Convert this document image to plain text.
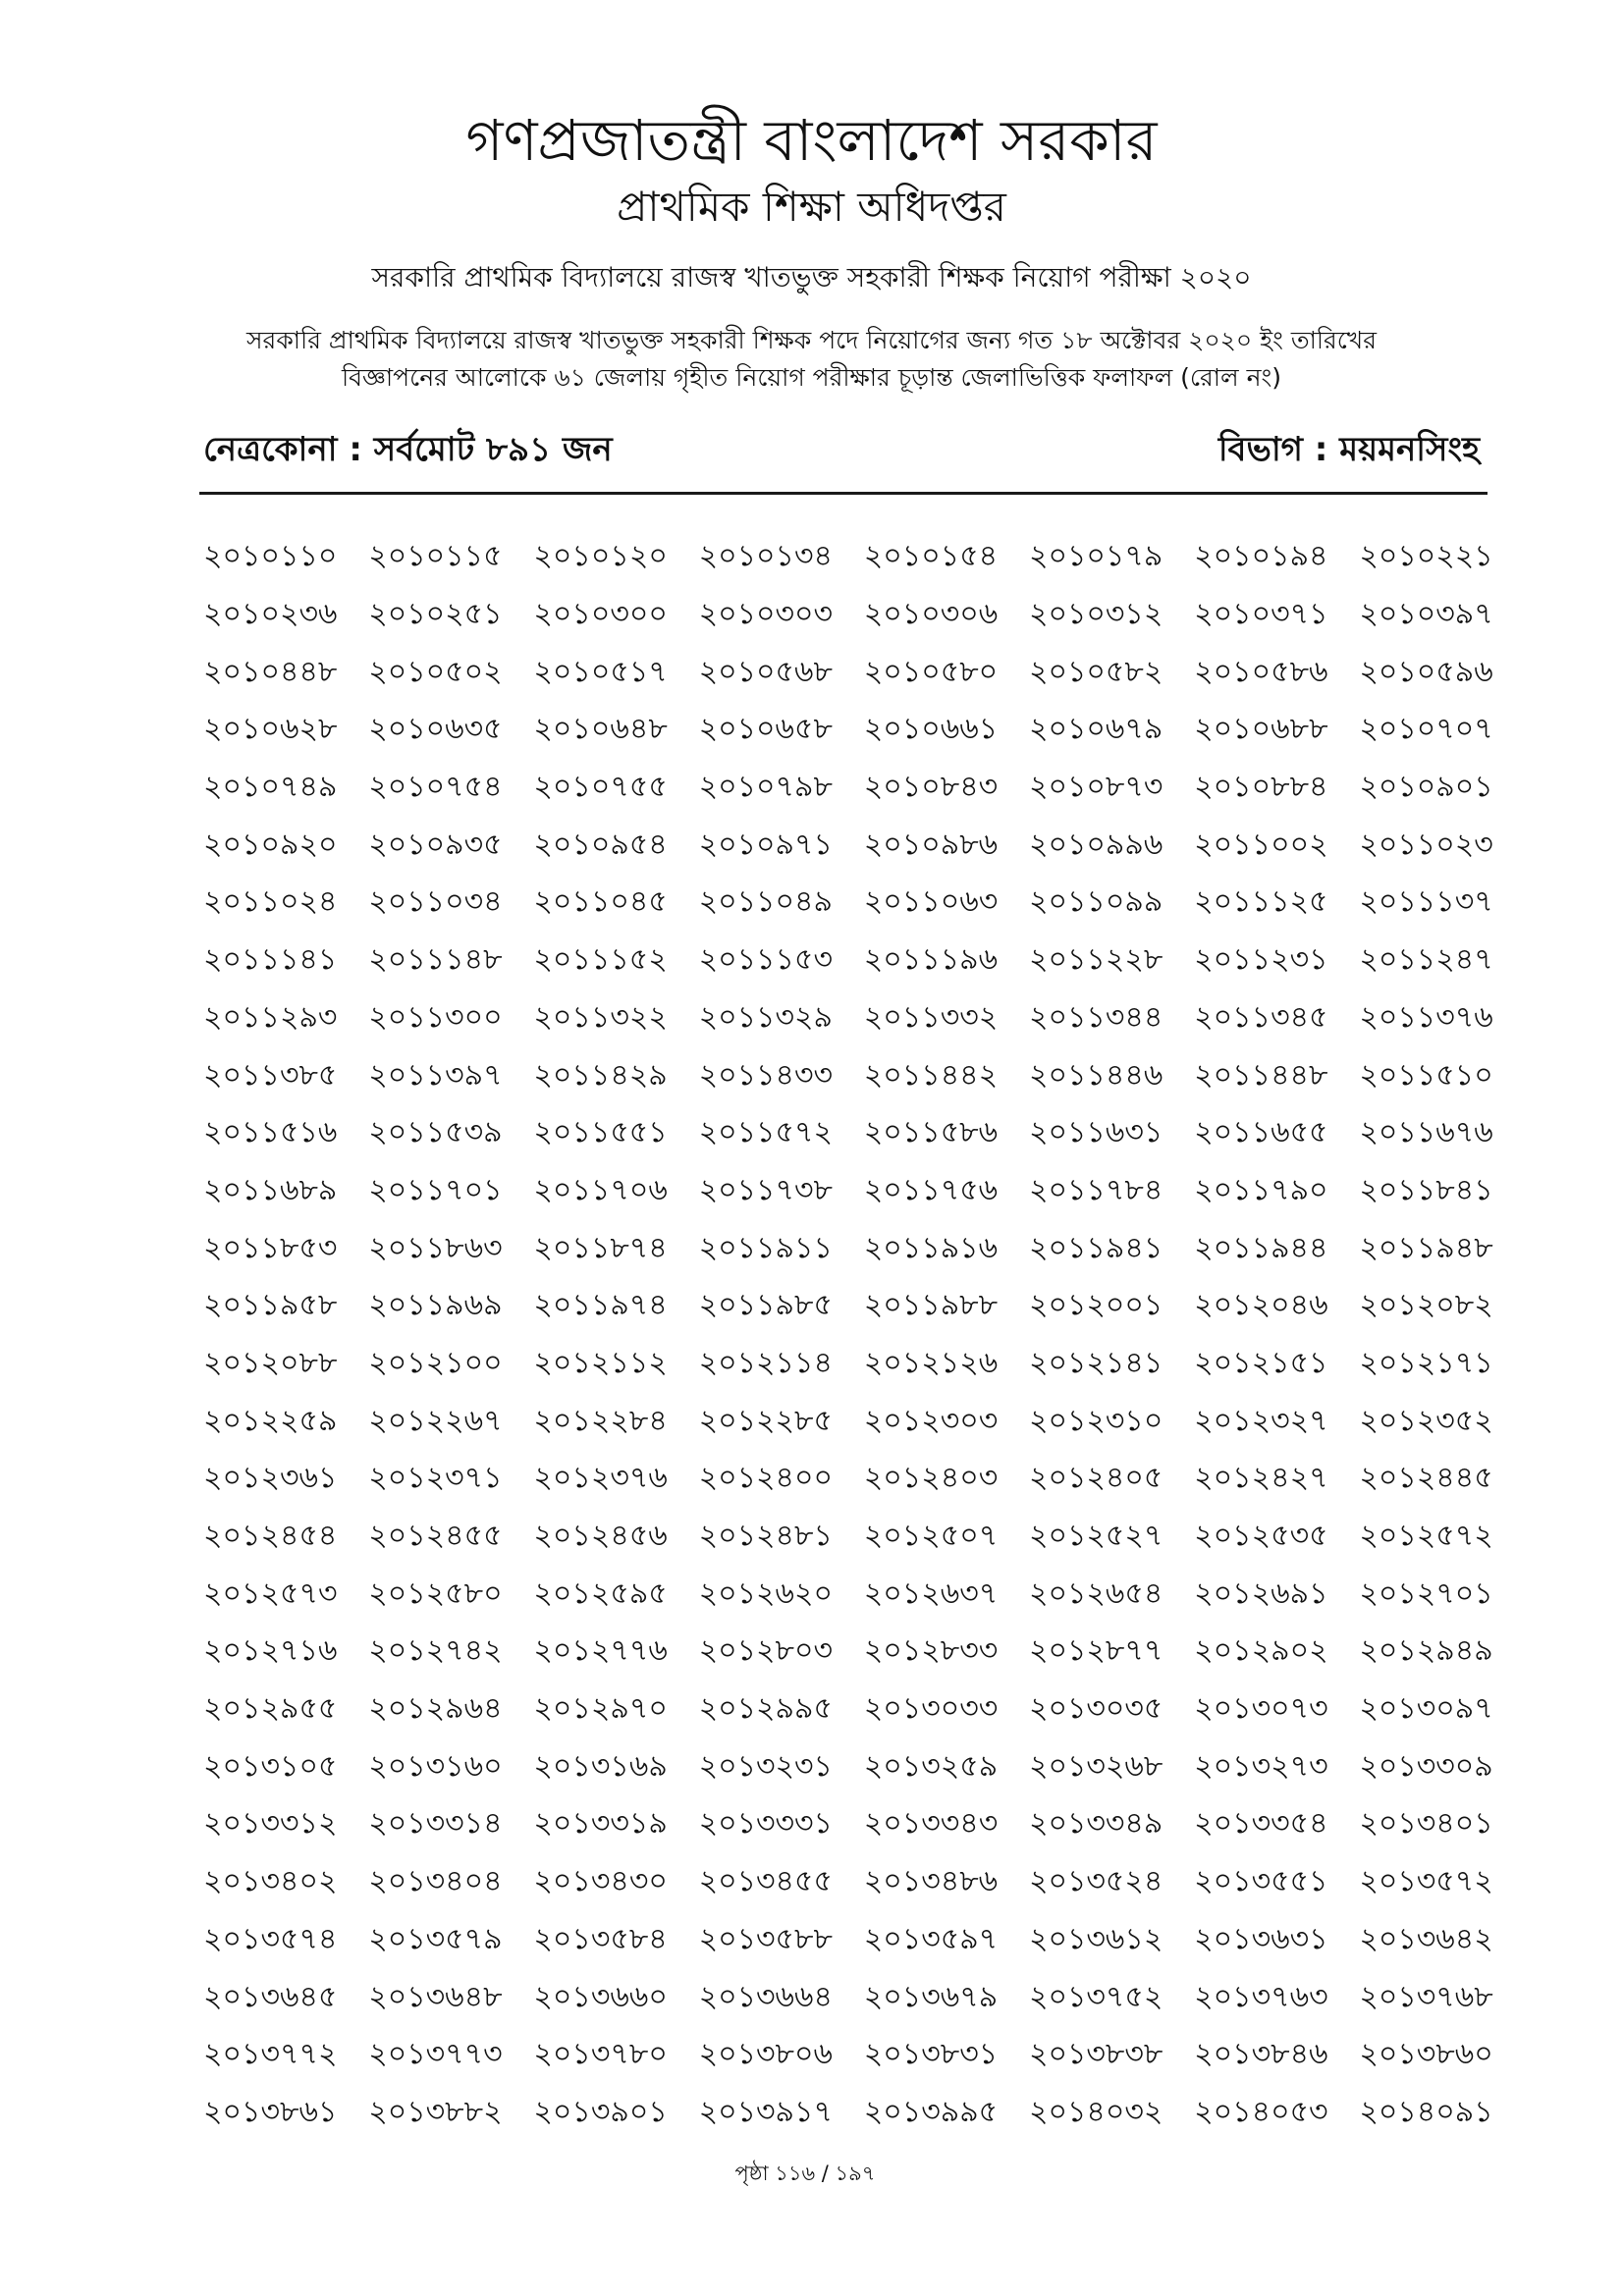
গণপ্রজাতন্ত্রী বাংলাদেশ সরকার
প্রাথমিক শিক্ষা অধিদপ্তর

সরকারি প্রাথমিক বিদ্যালয়ে রাজস্ব খাতভুক্ত সহকারী শিক্ষক নিয়োগ পরীক্ষা ২০২০

সরকারি প্রাথমিক বিদ্যালয়ে রাজস্ব খাতভুক্ত সহকারী শিক্ষক পদে নিয়োগের জন্য গত ১৮ অক্টোবর ২০২০ ইং তারিখের

বিজ্ঞাপনের আলোকে ৬১ জেলায় গৃহীত নিয়োগ পরীক্ষার চূড়ান্ত জেলাভিত্তিক ফলাফল (রোল নং)

নেত্রকোনা : সর্বমোট ৮৯১ জন	বিভাগ : ময়মনসিংহ
২০১০১১০	২০১০১১৫	২০১০১২০	২০১০১৩৪	২০১০১৫৪	২০১০১৭৯	২০১০১৯৪	২০১০২২১
২০১০২৩৬	২০১০২৫১	২০১০৩০০	২০১০৩০৩	২০১০৩০৬	২০১০৩১২	২০১০৩৭১	২০১০৩৯৭
২০১০৪৪৮	২০১০৫০২	২০১০৫১৭	২০১০৫৬৮	২০১০৫৮০	২০১০৫৮২	২০১০৫৮৬	২০১০৫৯৬
২০১০৬২৮	২০১০৬৩৫	২০১০৬৪৮	২০১০৬৫৮	২০১০৬৬১	২০১০৬৭৯	২০১০৬৮৮	২০১০৭০৭
২০১০৭৪৯	২০১০৭৫৪	২০১০৭৫৫	২০১০৭৯৮	২০১০৮৪৩	২০১০৮৭৩	২০১০৮৮৪	২০১০৯০১
২০১০৯২০	২০১০৯৩৫	২০১০৯৫৪	২০১০৯৭১	২০১০৯৮৬	২০১০৯৯৬	২০১১০০২	২০১১০২৩
২০১১০২৪	২০১১০৩৪	২০১১০৪৫	২০১১০৪৯	২০১১০৬৩	২০১১০৯৯	২০১১১২৫	২০১১১৩৭
২০১১১৪১	২০১১১৪৮	২০১১১৫২	২০১১১৫৩	২০১১১৯৬	২০১১২২৮	২০১১২৩১	২০১১২৪৭
২০১১২৯৩	২০১১৩০০	২০১১৩২২	২০১১৩২৯	২০১১৩৩২	২০১১৩৪৪	২০১১৩৪৫	২০১১৩৭৬
২০১১৩৮৫	২০১১৩৯৭	২০১১৪২৯	২০১১৪৩৩	২০১১৪৪২	২০১১৪৪৬	২০১১৪৪৮	২০১১৫১০
২০১১৫১৬	২০১১৫৩৯	২০১১৫৫১	২০১১৫৭২	২০১১৫৮৬	২০১১৬৩১	২০১১৬৫৫	২০১১৬৭৬
২০১১৬৮৯	২০১১৭০১	২০১১৭০৬	২০১১৭৩৮	২০১১৭৫৬	২০১১৭৮৪	২০১১৭৯০	২০১১৮৪১
২০১১৮৫৩	২০১১৮৬৩	২০১১৮৭৪	২০১১৯১১	২০১১৯১৬	২০১১৯৪১	২০১১৯৪৪	২০১১৯৪৮
২০১১৯৫৮	২০১১৯৬৯	২০১১৯৭৪	২০১১৯৮৫	২০১১৯৮৮	২০১২০০১	২০১২০৪৬	২০১২০৮২
২০১২০৮৮	২০১২১০০	২০১২১১২	২০১২১১৪	২০১২১২৬	২০১২১৪১	২০১২১৫১	২০১২১৭১
২০১২২৫৯	২০১২২৬৭	২০১২২৮৪	২০১২২৮৫	২০১২৩০৩	২০১২৩১০	২০১২৩২৭	২০১২৩৫২
২০১২৩৬১	২০১২৩৭১	২০১২৩৭৬	২০১২৪০০	২০১২৪০৩	২০১২৪০৫	২০১২৪২৭	২০১২৪৪৫
২০১২৪৫৪	২০১২৪৫৫	২০১২৪৫৬	২০১২৪৮১	২০১২৫০৭	২০১২৫২৭	২০১২৫৩৫	২০১২৫৭২
২০১২৫৭৩	২০১২৫৮০	২০১২৫৯৫	২০১২৬২০	২০১২৬৩৭	২০১২৬৫৪	২০১২৬৯১	২০১২৭০১
২০১২৭১৬	২০১২৭৪২	২০১২৭৭৬	২০১২৮০৩	২০১২৮৩৩	২০১২৮৭৭	২০১২৯০২	২০১২৯৪৯
২০১২৯৫৫	২০১২৯৬৪	২০১২৯৭০	২০১২৯৯৫	২০১৩০৩৩	২০১৩০৩৫	২০১৩০৭৩	২০১৩০৯৭
২০১৩১০৫	২০১৩১৬০	২০১৩১৬৯	২০১৩২৩১	২০১৩২৫৯	২০১৩২৬৮	২০১৩২৭৩	২০১৩৩০৯
২০১৩৩১২	২০১৩৩১৪	২০১৩৩১৯	২০১৩৩৩১	২০১৩৩৪৩	২০১৩৩৪৯	২০১৩৩৫৪	২০১৩৪০১
২০১৩৪০২	২০১৩৪০৪	২০১৩৪৩০	২০১৩৪৫৫	২০১৩৪৮৬	২০১৩৫২৪	২০১৩৫৫১	২০১৩৫৭২
২০১৩৫৭৪	২০১৩৫৭৯	২০১৩৫৮৪	২০১৩৫৮৮	২০১৩৫৯৭	২০১৩৬১২	২০১৩৬৩১	২০১৩৬৪২
২০১৩৬৪৫	২০১৩৬৪৮	২০১৩৬৬০	২০১৩৬৬৪	২০১৩৬৭৯	২০১৩৭৫২	২০১৩৭৬৩	২০১৩৭৬৮
২০১৩৭৭২	২০১৩৭৭৩	২০১৩৭৮০	২০১৩৮০৬	২০১৩৮৩১	২০১৩৮৩৮	২০১৩৮৪৬	২০১৩৮৬০
২০১৩৮৬১	২০১৩৮৮২	২০১৩৯০১	২০১৩৯১৭	২০১৩৯৯৫	২০১৪০৩২	২০১৪০৫৩	২০১৪০৯১
পৃষ্ঠা ১১৬ / ১৯৭
